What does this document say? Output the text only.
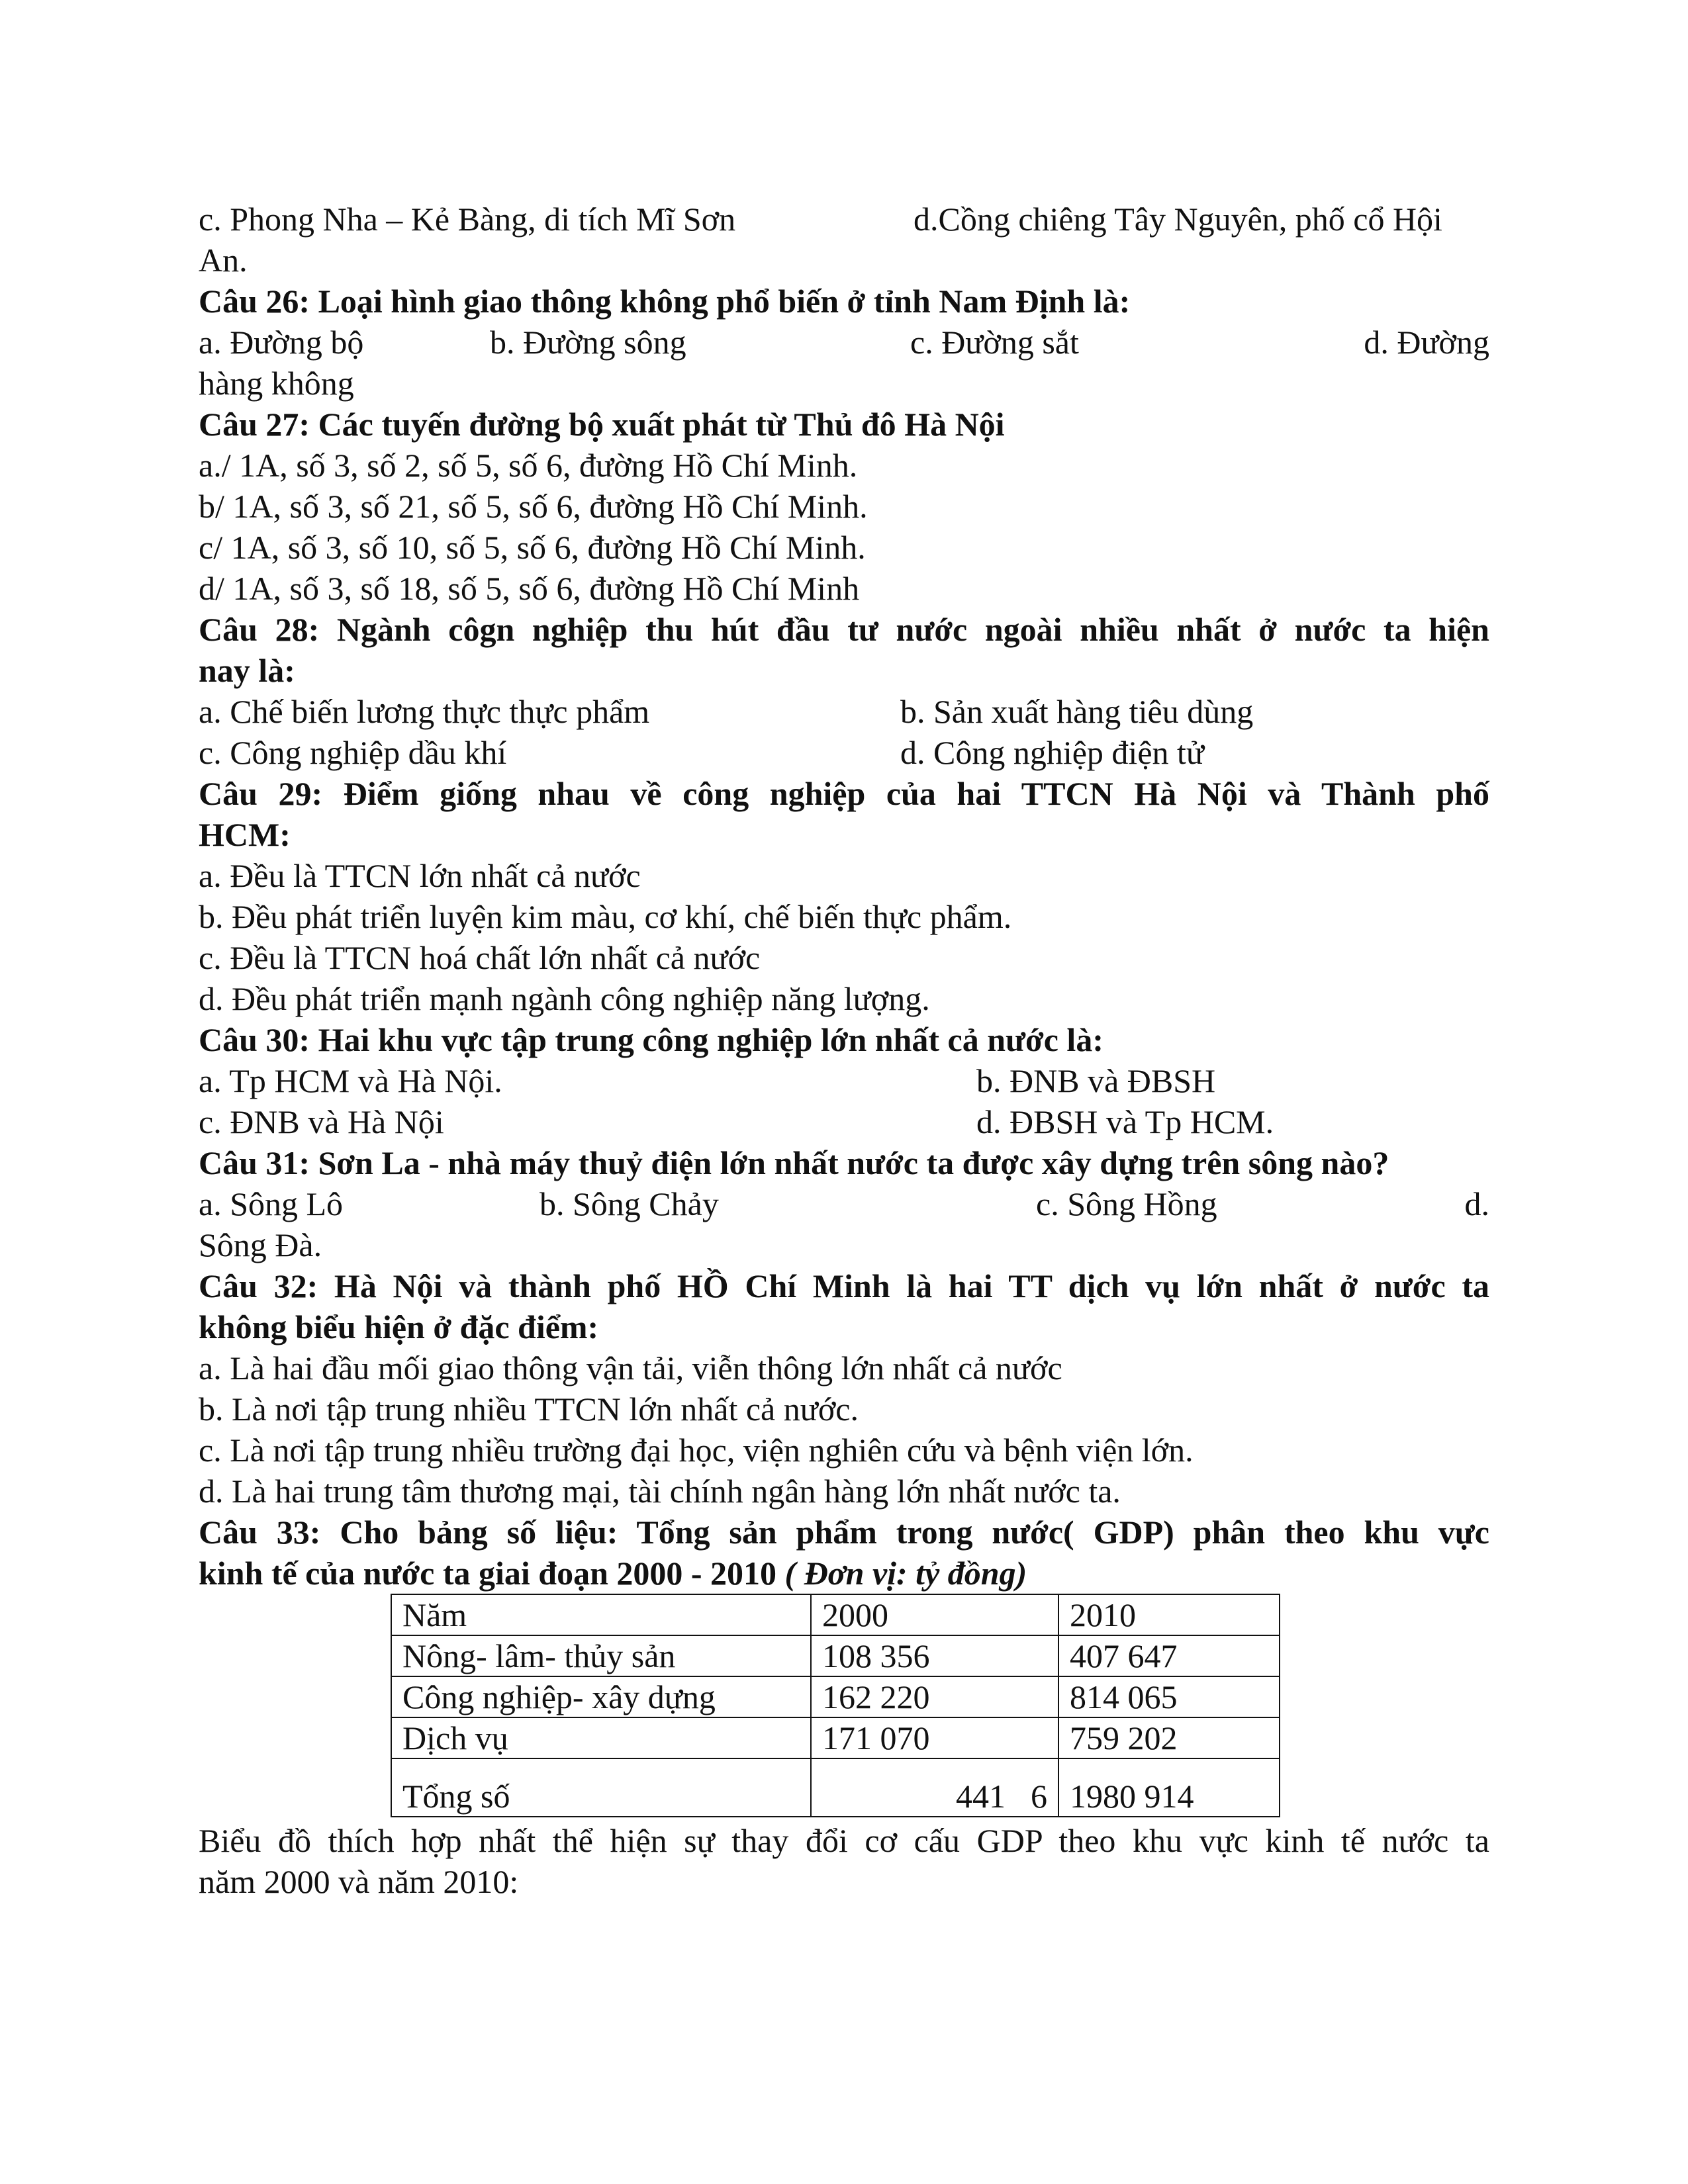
c. Phong Nha – Kẻ Bàng, di tích Mĩ Sơn	d.Cồng chiêng Tây Nguyên, phố cổ Hội
An.
Câu 26: Loại hình giao thông không phổ biến ở tỉnh Nam Định là:
a. Đường bộ	b. Đường sông	c. Đường sắt	d. Đường
hàng không
Câu 27: Các tuyến đường bộ xuất phát từ Thủ đô Hà Nội
a./ 1A, số 3, số 2, số 5, số 6, đường Hồ Chí Minh.
b/ 1A, số 3, số 21, số 5, số 6, đường Hồ Chí Minh.
c/ 1A, số 3, số 10, số 5, số 6, đường Hồ Chí Minh.
d/ 1A, số 3, số 18, số 5, số 6, đường Hồ Chí Minh
Câu 28: Ngành côgn nghiệp thu hút đầu tư nước ngoài nhiều nhất ở nước ta hiện
nay là:
a. Chế biến lương thực thực phẩm	b. Sản xuất hàng tiêu dùng
c. Công nghiệp dầu khí	d. Công nghiệp điện tử
Câu 29: Điểm giống nhau về công nghiệp của hai TTCN Hà Nội và Thành phố
HCM:
a. Đều là TTCN lớn nhất cả nước
b. Đều phát triển luyện kim màu, cơ khí, chế biến thực phẩm.
c. Đều là TTCN hoá chất lớn nhất cả nước
d. Đều phát triển mạnh ngành công nghiệp năng lượng.
Câu 30: Hai khu vực tập trung công nghiệp lớn nhất cả nước là:
a. Tp HCM và Hà Nội.	b. ĐNB và ĐBSH
c. ĐNB và Hà Nội	d. ĐBSH và Tp HCM.
Câu 31: Sơn La - nhà máy thuỷ điện lớn nhất nước ta được xây dựng trên sông nào?
a. Sông Lô	b. Sông Chảy	c. Sông Hồng	d.
Sông Đà.
Câu 32: Hà Nội và thành phố HỒ Chí Minh là hai TT dịch vụ lớn nhất ở nước ta
không biểu hiện ở đặc điểm:
a. Là hai đầu mối giao thông vận tải, viễn thông lớn nhất cả nước
b. Là nơi tập trung nhiều TTCN lớn nhất cả nước.
c. Là nơi tập trung nhiều trường đại học, viện nghiên cứu và bệnh viện lớn.
d. Là hai trung tâm thương mại, tài chính ngân hàng lớn nhất nước ta.
Câu 33: Cho bảng số liệu: Tổng sản phẩm trong nước( GDP) phân theo khu vực
kinh tế của nước ta giai đoạn 2000 - 2010 ( Đơn vị: tỷ đồng)
Năm	2000	2010
Nông- lâm- thủy sản	108 356	407 647
Công nghiệp- xây dựng	162 220	814 065
Dịch vụ	171 070	759 202
Tổng số	441 6	1980 914
Biểu đồ thích hợp nhất thể hiện sự thay đổi cơ cấu GDP theo khu vực kinh tế nước ta
năm 2000 và năm 2010:
